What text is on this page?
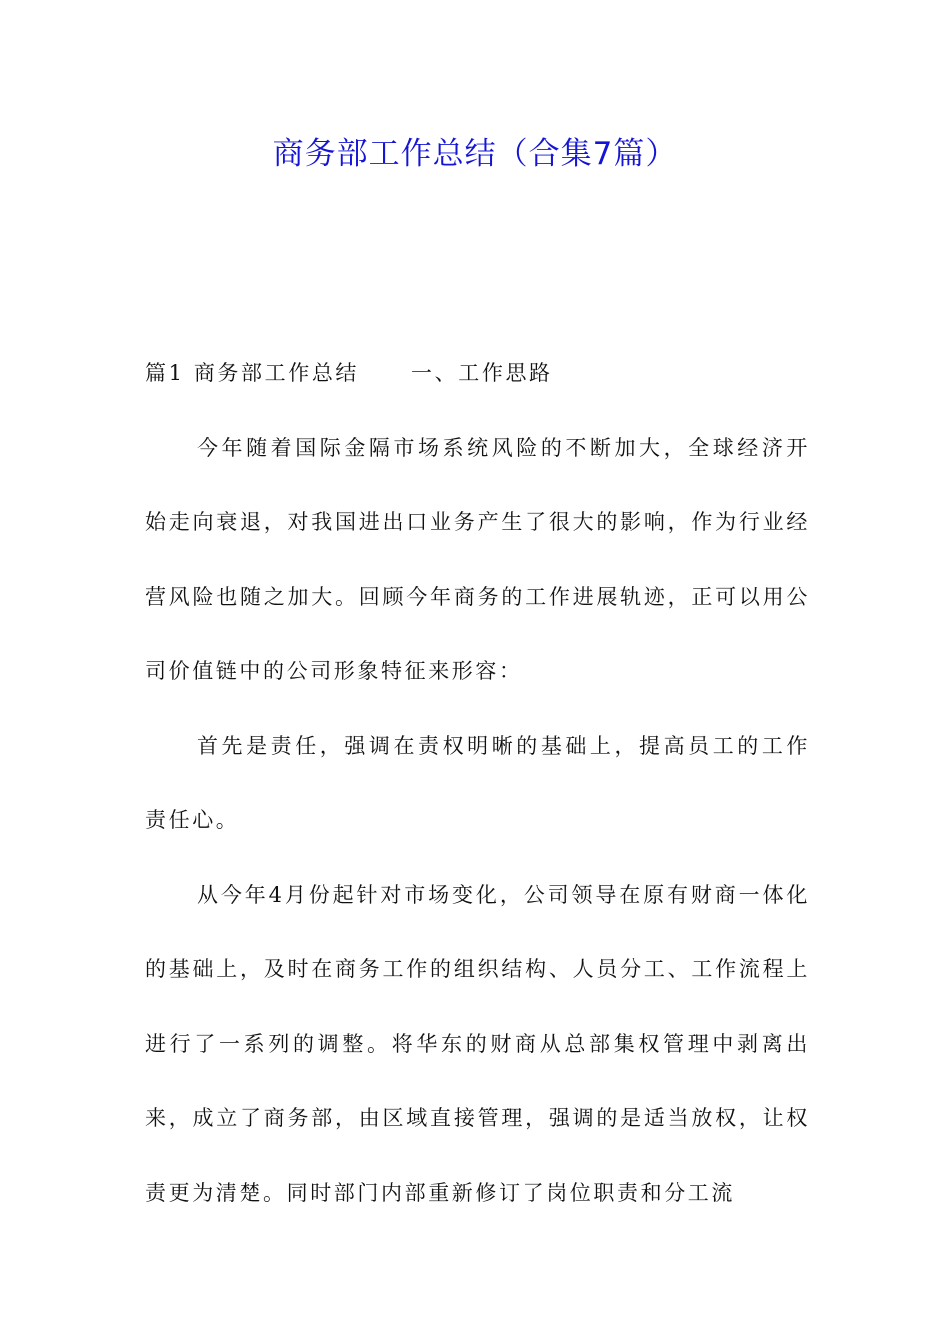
商务部工作总结（合集7篇）

篇1 商务部工作总结 一、工作思路

今年随着国际金隔市场系统风险的不断加大，全球经济开始走向衰退，对我国进出口业务产生了很大的影响，作为行业经营风险也随之加大。回顾今年商务的工作进展轨迹，正可以用公司价值链中的公司形象特征来形容：

首先是责任，强调在责权明晰的基础上，提高员工的工作责任心。

从今年4月份起针对市场变化，公司领导在原有财商一体化的基础上，及时在商务工作的组织结构、人员分工、工作流程上进行了一系列的调整。将华东的财商从总部集权管理中剥离出来，成立了商务部，由区域直接管理，强调的是适当放权，让权责更为清楚。同时部门内部重新修订了岗位职责和分工流
